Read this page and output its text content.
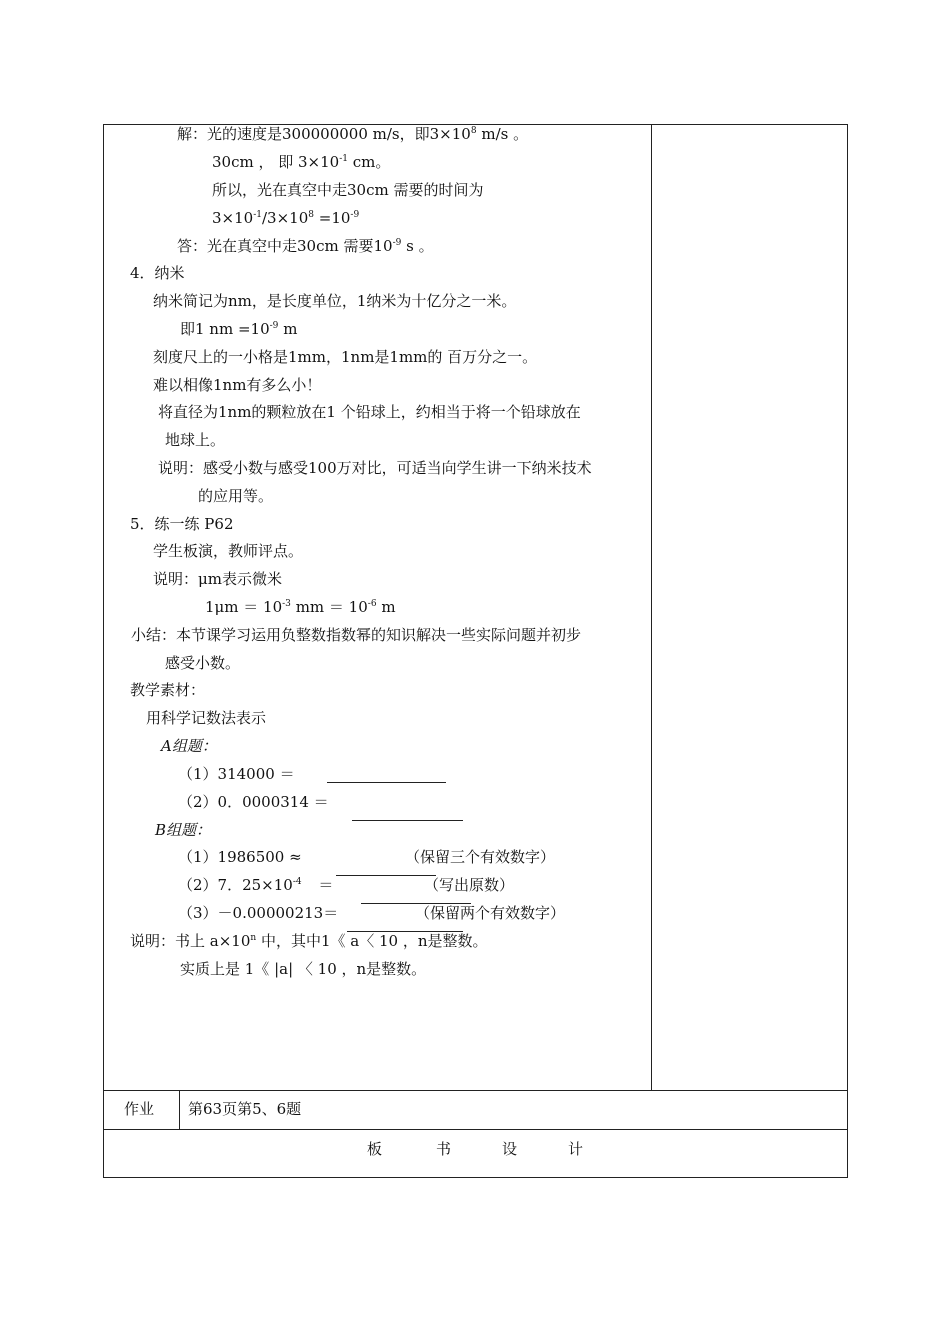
解：光的速度是300000000 m/s，即$3\times 10^8$ m/s 。
30cm ， 即 $3\times 10^{-1}$ cm。
所以，光在真空中走30cm 需要的时间为
$3\times 10^{-1}/3\times 10^8 =10^{-9}$
答：光在真空中走30cm 需要$10^{-9}$ s 。
4．纳米
纳米简记为nm，是长度单位，1纳米为十亿分之一米。
即1 nm $=10^{-9}$ m
刻度尺上的一小格是1mm，1nm是1mm的 百万分之一。
难以相像1nm有多么小！
将直径为1nm的颗粒放在1 个铅球上，约相当于将一个铅球放在
地球上。
说明：感受小数与感受100万对比，可适当向学生讲一下纳米技术
的应用等。
5．练一练 P62
学生板演，教师评点。
说明：μm表示微米
$1\mu m = 10^{-3}$ mm ＝ $10^{-6}$ m
小结：本节课学习运用负整数指数幂的知识解决一些实际问题并初步
感受小数。
教学素材：
用科学记数法表示
A组题：
（1）314000 ＝
（2）0．0000314 ＝
B组题：
（1）1986500 ≈	（保留三个有效数字）
（2）7．$25\times 10^{-4}$ ＝	（写出原数）
（3）－0.00000213＝	（保留两个有效数字）
说明：书上 $a\times 10^n$ 中，其中1《 a〈 10 ，n是整数。
实质上是 1《 |a| 〈 10 ，n是整数。
作业 第63页第5、6题
板	书	设	计
